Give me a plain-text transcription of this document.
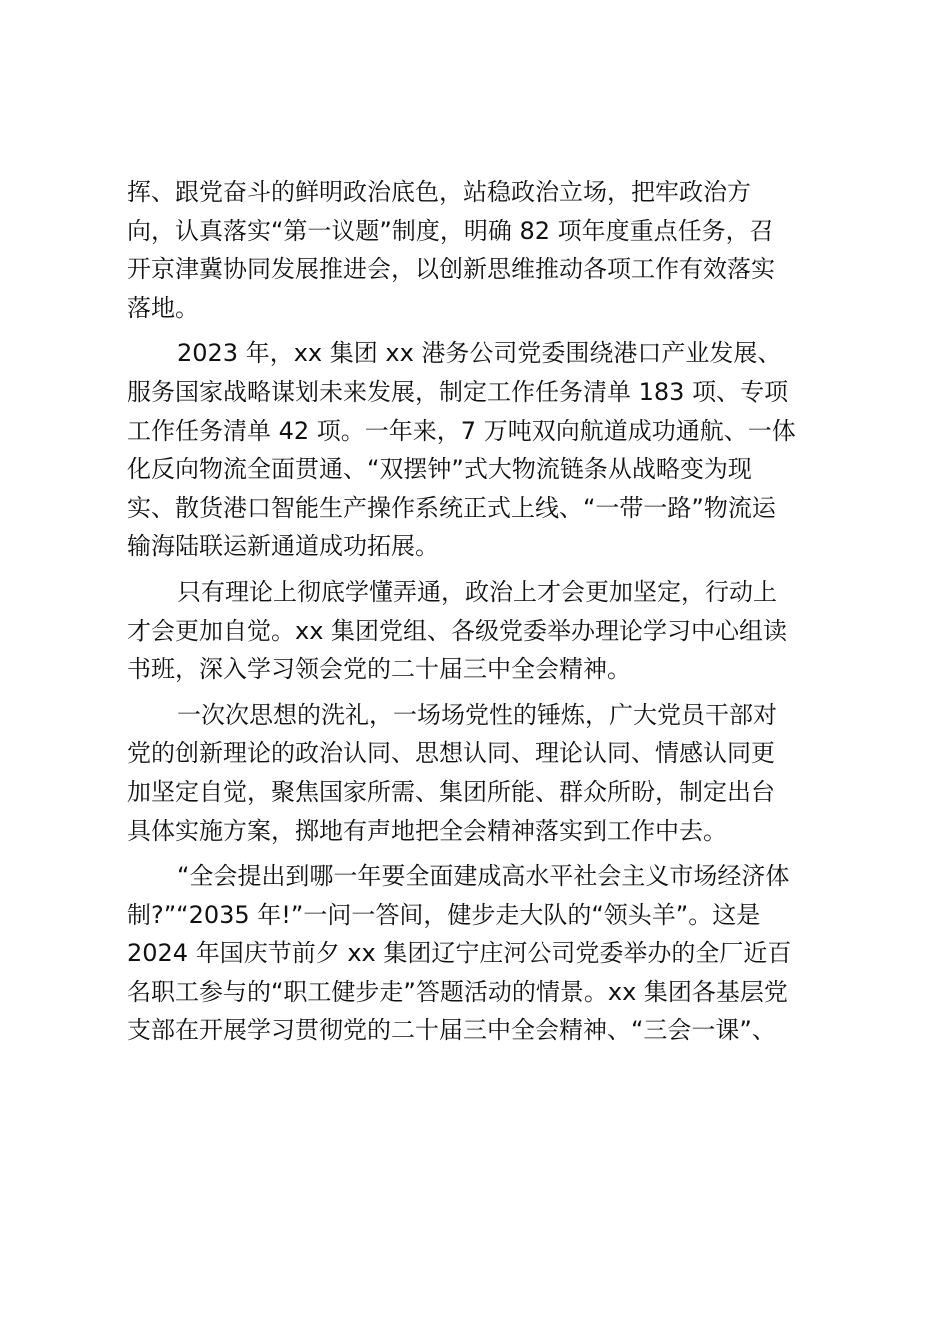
挥、跟党奋斗的鲜明政治底色，站稳政治立场，把牢政治方
向，认真落实“第一议题”制度，明确 82 项年度重点任务，召
开京津冀协同发展推进会，以创新思维推动各项工作有效落实
落地。
2023 年，xx 集团 xx 港务公司党委围绕港口产业发展、
服务国家战略谋划未来发展，制定工作任务清单 183 项、专项
工作任务清单 42 项。一年来，7 万吨双向航道成功通航、一体
化反向物流全面贯通、“双摆钟”式大物流链条从战略变为现
实、散货港口智能生产操作系统正式上线、“一带一路”物流运
输海陆联运新通道成功拓展。
只有理论上彻底学懂弄通，政治上才会更加坚定，行动上
才会更加自觉。xx 集团党组、各级党委举办理论学习中心组读
书班，深入学习领会党的二十届三中全会精神。
一次次思想的洗礼，一场场党性的锤炼，广大党员干部对
党的创新理论的政治认同、思想认同、理论认同、情感认同更
加坚定自觉，聚焦国家所需、集团所能、群众所盼，制定出台
具体实施方案，掷地有声地把全会精神落实到工作中去。
“全会提出到哪一年要全面建成高水平社会主义市场经济体
制?”“2035 年!”一问一答间，健步走大队的“领头羊”。这是
2024 年国庆节前夕 xx 集团辽宁庄河公司党委举办的全厂近百
名职工参与的“职工健步走”答题活动的情景。xx 集团各基层党
支部在开展学习贯彻党的二十届三中全会精神、“三会一课”、
